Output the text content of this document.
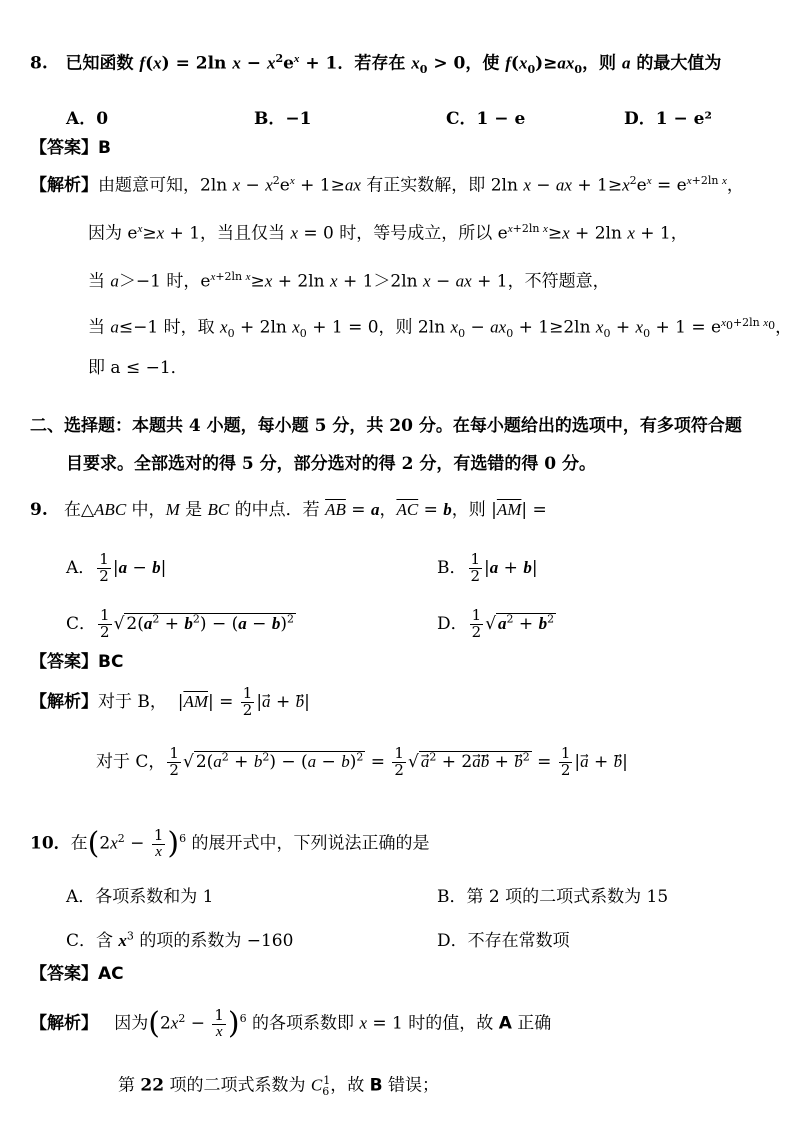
8.   已知函数 f(x) = 2ln $x - x^2e^x + 1$．若存在 $x_0 > 0$，使 $f(x_0)\ge ax_0$，则 a 的最大值为
A．0	B．−1	C．1 − e	D．1 − e²
【答案】B
【解析】由题意可知，2ln $x - x^2e^x + 1\ge ax$ 有正实数解，即 2ln x − ax + $1\ge x^2e^x = e^{x+2ln x}$，
因为 $e^x\ge x + 1$，当且仅当 x = 0 时，等号成立，所以 $e^{x+2ln x}\ge x + 2\ln$ x + 1，
当 a＞−1 时，$e^{x+2ln x}\ge x + 2\ln$ x + 1＞2ln x − ax + 1，不符题意，
当 a≤−1 时，取 $x_0 + 2\ln$ $x_0 + 1 = 0$，则 2ln $x_0 - ax_0 + 1\ge 2\ln$ $x_0 + x_0 + 1 = e^{x_0+2ln x_0}$，
即 a ≤ −1．
二、选择题：本题共 4 小题，每小题 5 分，共 20 分。在每小题给出的选项中，有多项符合题
目要求。全部选对的得 5 分，部分选对的得 2 分，有选错的得 0 分。
9.   在△ABC 中，M 是 BC 的中点．若 $\overline{AB} = a$，$\overline{AC} = b$，则 $|\overline{AM}|$ =
A． $\frac{1}{2} |a - b|$	B． $\frac{1}{2} |a + b|$
C． $\frac{1}{2}$ √ $2(a^2 + b^2) - (a - b)^2$	D． $\frac{1}{2}$ √ $a^2 + b^2$
【答案】BC
【解析】对于 B，  $|\overline{AM}| = \frac{1}{2}$ |a⃗ + b⃗|
对于 C， $\frac{1}{2}$ √ $2(a^2 + b^2) - (a - b)^2 = \frac{1}{2}$ √ $a^2$ + 2ab⃗ + $b^2 = \frac{1}{2}$ |a⃗ + b⃗|
10．在$(2x^2 - \frac{1}{x} )^6$ 的展开式中，下列说法正确的是
A．各项系数和为 1	B．第 2 项的二项式系数为 15
C．含 $x^3$ 的项的系数为 −160	D．不存在常数项
【答案】AC
【解析】   因为$(2x^2 - \frac{1}{x} )^6$ 的各项系数即 x = 1 时的值，故 A 正确
第 22 项的二项式系数为 $C_6^1$，故 B 错误；
